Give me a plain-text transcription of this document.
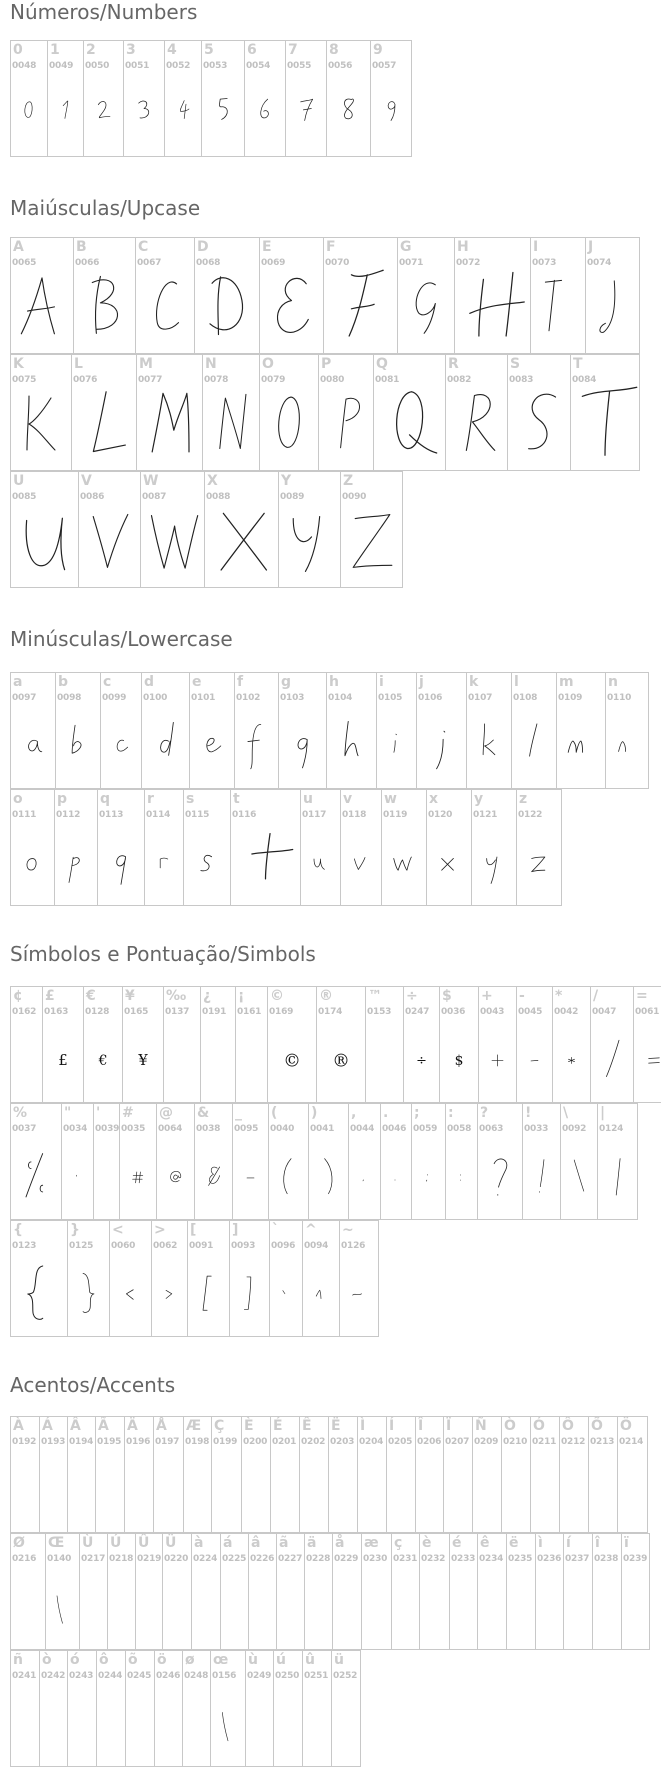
Números/Numbers
0
0048
1
0049
2
0050
3
0051
4
0052
5
0053
6
0054
7
0055
8
0056
9
0057
Maiúsculas/Upcase
A
0065
B
0066
C
0067
D
0068
E
0069
F
0070
G
0071
H
0072
I
0073
J
0074
K
0075
L
0076
M
0077
N
0078
O
0079
P
0080
Q
0081
R
0082
S
0083
T
0084
U
0085
V
0086
W
0087
X
0088
Y
0089
Z
0090
Minúsculas/Lowercase
a
0097
b
0098
c
0099
d
0100
e
0101
f
0102
g
0103
h
0104
i
0105
j
0106
k
0107
l
0108
m
0109
n
0110
o
0111
p
0112
q
0113
r
0114
s
0115
t
0116
u
0117
v
0118
w
0119
x
0120
y
0121
z
0122
Símbolos e Pontuação/Simbols
¢
0162
£
0163
£
€
0128
€
¥
0165
¥
‰
0137
¿
0191
¡
0161
©
0169
©
®
0174
®
™
0153
÷
0247
÷
$
0036
$
+
0043
-
0045
*
0042
/
0047
=
0061
%
0037
"
0034
'
0039
#
0035
@
0064
&
0038
_
0095
(
0040
)
0041
,
0044
.
0046
;
0059
:
0058
?
0063
!
0033
\
0092
|
0124
{
0123
}
0125
<
0060
>
0062
[
0091
]
0093
`
0096
^
0094
~
0126
Acentos/Accents
À
0192
Á
0193
Â
0194
Ã
0195
Ä
0196
Å
0197
Æ
0198
Ç
0199
È
0200
É
0201
Ê
0202
Ë
0203
Ì
0204
Í
0205
Î
0206
Ï
0207
Ñ
0209
Ò
0210
Ó
0211
Ô
0212
Õ
0213
Ö
0214
Ø
0216
Œ
0140
Ù
0217
Ú
0218
Û
0219
Ü
0220
à
0224
á
0225
â
0226
ã
0227
ä
0228
å
0229
æ
0230
ç
0231
è
0232
é
0233
ê
0234
ë
0235
ì
0236
í
0237
î
0238
ï
0239
ñ
0241
ò
0242
ó
0243
ô
0244
õ
0245
ö
0246
ø
0248
œ
0156
ù
0249
ú
0250
û
0251
ü
0252
